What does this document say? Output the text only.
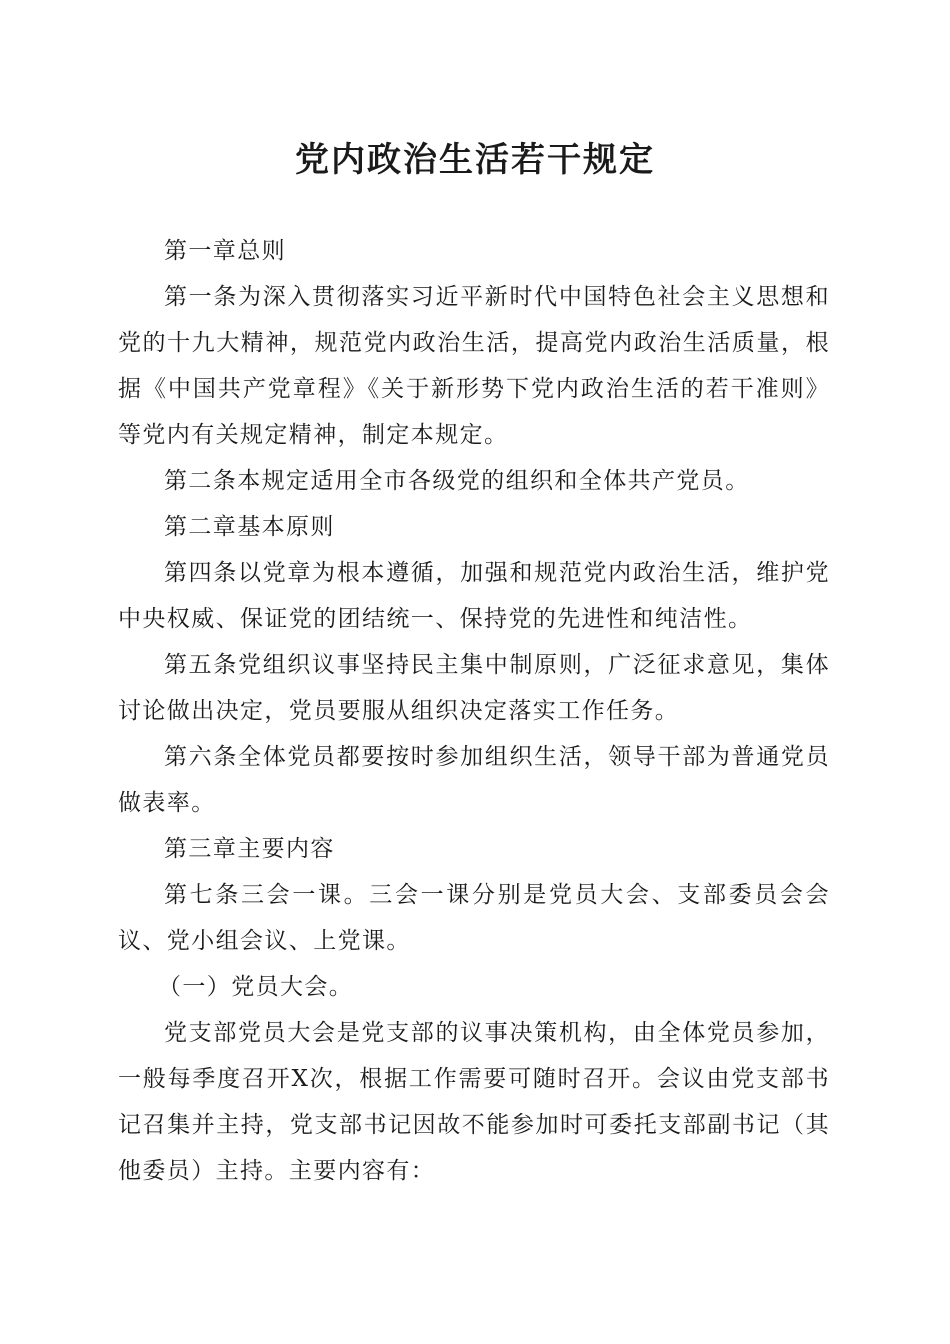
党内政治生活若干规定

第一章总则

第一条为深入贯彻落实习近平新时代中国特色社会主义思想和党的十九大精神，规范党内政治生活，提高党内政治生活质量，根据《中国共产党章程》《关于新形势下党内政治生活的若干准则》等党内有关规定精神，制定本规定。

第二条本规定适用全市各级党的组织和全体共产党员。

第二章基本原则

第四条以党章为根本遵循，加强和规范党内政治生活，维护党中央权威、保证党的团结统一、保持党的先进性和纯洁性。

第五条党组织议事坚持民主集中制原则，广泛征求意见，集体讨论做出决定，党员要服从组织决定落实工作任务。

第六条全体党员都要按时参加组织生活，领导干部为普通党员做表率。

第三章主要内容

第七条三会一课。三会一课分别是党员大会、支部委员会会议、党小组会议、上党课。

（一）党员大会。

党支部党员大会是党支部的议事决策机构，由全体党员参加，一般每季度召开X次，根据工作需要可随时召开。会议由党支部书记召集并主持，党支部书记因故不能参加时可委托支部副书记（其他委员）主持。主要内容有：
